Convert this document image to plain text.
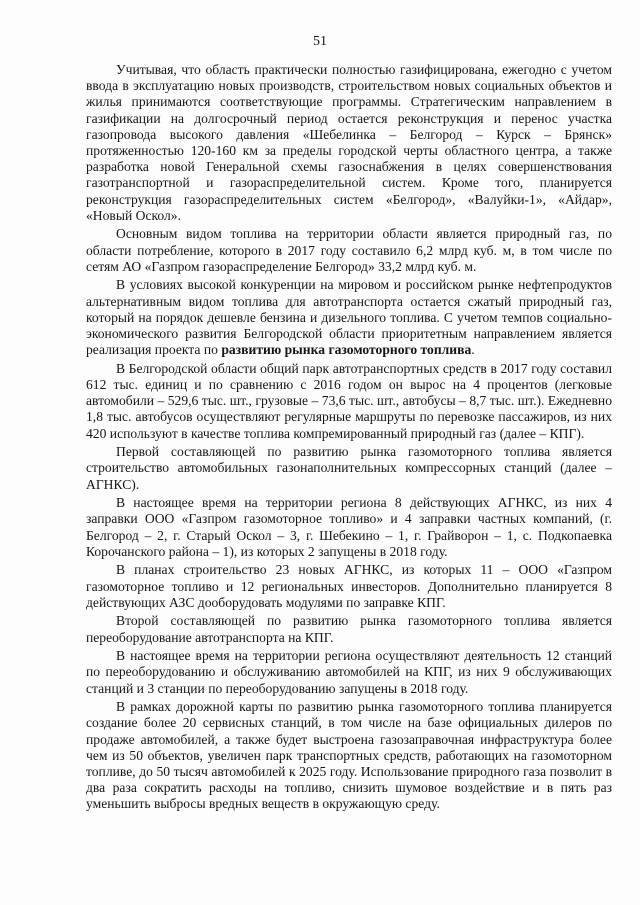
51

Учитывая, что область практически полностью газифицирована, ежегодно с учетом ввода в эксплуатацию новых производств, строительством новых социальных объектов и жилья принимаются соответствующие программы. Стратегическим направлением в газификации на долгосрочный период остается реконструкция и перенос участка газопровода высокого давления «Шебелинка – Белгород – Курск – Брянск» протяженностью 120-160 км за пределы городской черты областного центра, а также разработка новой Генеральной схемы газоснабжения в целях совершенствования газотранспортной и газораспределительной систем. Кроме того, планируется реконструкция газораспределительных систем «Белгород», «Валуйки-1», «Айдар», «Новый Оскол».

Основным видом топлива на территории области является природный газ, по области потребление, которого в 2017 году составило 6,2 млрд куб. м, в том числе по сетям АО «Газпром газораспределение Белгород» 33,2 млрд куб. м.

В условиях высокой конкуренции на мировом и российском рынке нефтепродуктов альтернативным видом топлива для автотранспорта остается сжатый природный газ, который на порядок дешевле бензина и дизельного топлива. С учетом темпов социально-экономического развития Белгородской области приоритетным направлением является реализация проекта по развитию рынка газомоторного топлива.

В Белгородской области общий парк автотранспортных средств в 2017 году составил 612 тыс. единиц и по сравнению с 2016 годом он вырос на 4 процентов (легковые автомобили – 529,6 тыс. шт., грузовые – 73,6 тыс. шт., автобусы – 8,7 тыс. шт.). Ежедневно 1,8 тыс. автобусов осуществляют регулярные маршруты по перевозке пассажиров, из них 420 используют в качестве топлива компремированный природный газ (далее – КПГ).

Первой составляющей по развитию рынка газомоторного топлива является строительство автомобильных газонаполнительных компрессорных станций (далее – АГНКС).

В настоящее время на территории региона 8 действующих АГНКС, из них 4 заправки ООО «Газпром газомоторное топливо» и 4 заправки частных компаний, (г. Белгород – 2, г. Старый Оскол – 3, г. Шебекино – 1, г. Грайворон – 1, с. Подкопаевка Корочанского района – 1), из которых 2 запущены в 2018 году.

В планах строительство 23 новых АГНКС, из которых 11 – ООО «Газпром газомоторное топливо и 12 региональных инвесторов. Дополнительно планируется 8 действующих АЗС дооборудовать модулями по заправке КПГ.

Второй составляющей по развитию рынка газомоторного топлива является переоборудование автотранспорта на КПГ.

В настоящее время на территории региона осуществляют деятельность 12 станций по переоборудованию и обслуживанию автомобилей на КПГ, из них 9 обслуживающих станций и 3 станции по переоборудованию запущены в 2018 году.

В рамках дорожной карты по развитию рынка газомоторного топлива планируется создание более 20 сервисных станций, в том числе на базе официальных дилеров по продаже автомобилей, а также будет выстроена газозаправочная инфраструктура более чем из 50 объектов, увеличен парк транспортных средств, работающих на газомоторном топливе, до 50 тысяч автомобилей к 2025 году. Использование природного газа позволит в два раза сократить расходы на топливо, снизить шумовое воздействие и в пять раз уменьшить выбросы вредных веществ в окружающую среду.
